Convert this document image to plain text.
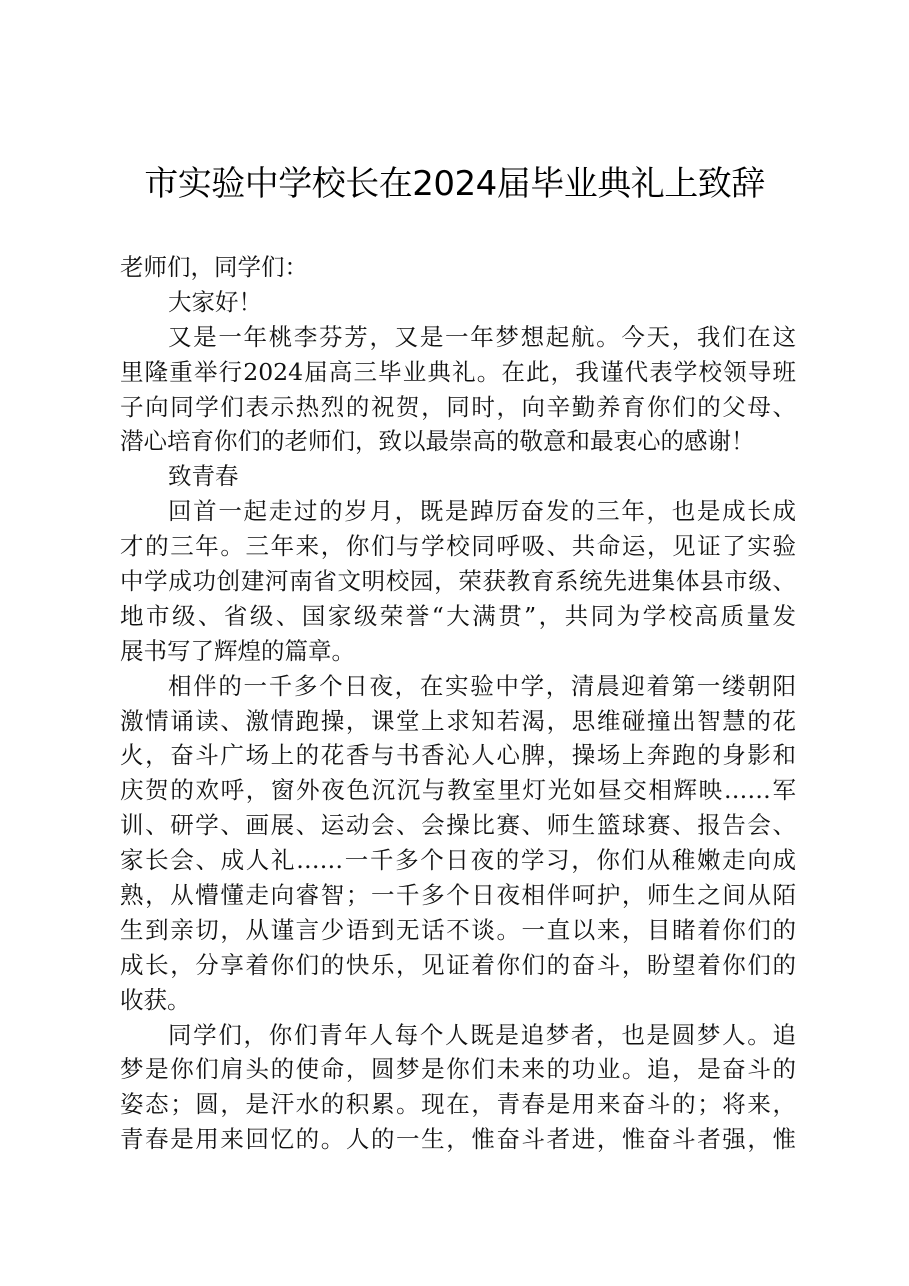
市实验中学校长在2024届毕业典礼上致辞
老师们，同学们：
大家好！
又是一年桃李芬芳，又是一年梦想起航。今天，我们在这
里隆重举行2024届高三毕业典礼。在此，我谨代表学校领导班
子向同学们表示热烈的祝贺，同时，向辛勤养育你们的父母、
潜心培育你们的老师们，致以最崇高的敬意和最衷心的感谢！
致青春
回首一起走过的岁月，既是踔厉奋发的三年，也是成长成
才的三年。三年来，你们与学校同呼吸、共命运，见证了实验
中学成功创建河南省文明校园，荣获教育系统先进集体县市级、
地市级、省级、国家级荣誉“大满贯”，共同为学校高质量发
展书写了辉煌的篇章。
相伴的一千多个日夜，在实验中学，清晨迎着第一缕朝阳
激情诵读、激情跑操，课堂上求知若渴，思维碰撞出智慧的花
火，奋斗广场上的花香与书香沁人心脾，操场上奔跑的身影和
庆贺的欢呼，窗外夜色沉沉与教室里灯光如昼交相辉映……军
训、研学、画展、运动会、会操比赛、师生篮球赛、报告会、
家长会、成人礼……一千多个日夜的学习，你们从稚嫩走向成
熟，从懵懂走向睿智；一千多个日夜相伴呵护，师生之间从陌
生到亲切，从谨言少语到无话不谈。一直以来，目睹着你们的
成长，分享着你们的快乐，见证着你们的奋斗，盼望着你们的
收获。
同学们，你们青年人每个人既是追梦者，也是圆梦人。追
梦是你们肩头的使命，圆梦是你们未来的功业。追，是奋斗的
姿态；圆，是汗水的积累。现在，青春是用来奋斗的；将来，
青春是用来回忆的。人的一生，惟奋斗者进，惟奋斗者强，惟
